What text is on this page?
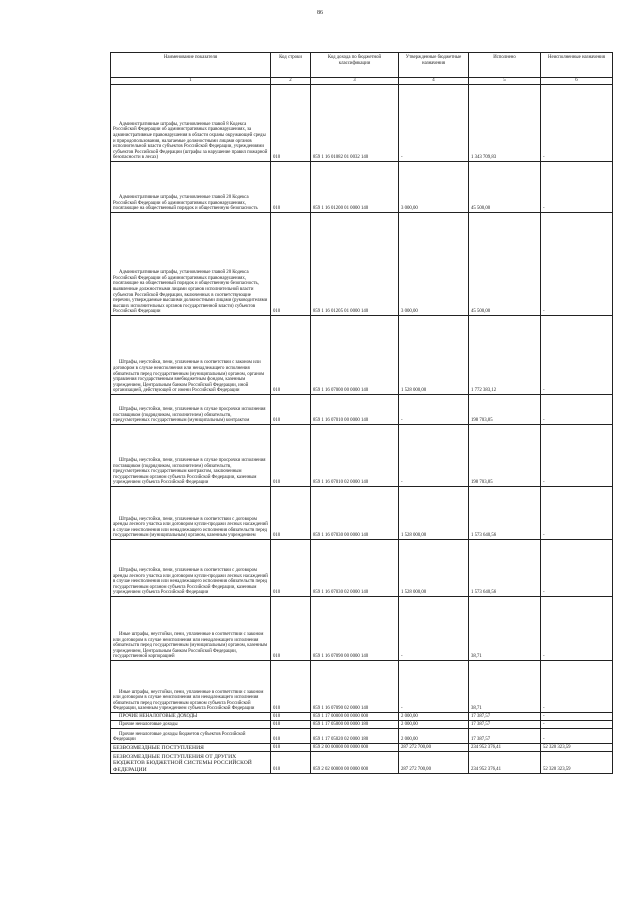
86
Наименование показателя	Код строки	Код дохода по бюджетной классификации	Утвержденные бюджетные назначения	Исполнено	Неисполненные назначения
1	2	3	4	5	6
Административные штрафы, установленные главой 8 Кодекса Российской Федерации об административных правонарушениях, за административные правонарушения в области охраны окружающей среды и природопользования, налагаемые должностными лицами органов исполнительной власти субъектов Российской Федерации, учреждениями субъектов Российской Федерации (штрафы за нарушение правил пожарной безопасности в лесах)	010	859 1 16 01082 01 0032 140	-	1 343 709,83	-
Административные штрафы, установленные главой 20 Кодекса Российской Федерации об административных правонарушениях, посягающие на общественный порядок и общественную безопасность	010	859 1 16 01200 01 0000 140	3 000,00	45 500,00	-
Административные штрафы, установленные главой 20 Кодекса Российской Федерации об административных правонарушениях, посягающие на общественный порядок и общественную безопасность, выявленные должностными лицами органов исполнительной власти субъектов Российской Федерации, включенных в соответствующие перечни, утверждаемые высшими должностными лицами (руководителями высших исполнительных органов государственной власти) субъектов Российской Федерации	010	859 1 16 01205 01 0000 140	3 000,00	45 500,00	-
Штрафы, неустойки, пени, уплаченные в соответствии с законом или договором в случае неисполнения или ненадлежащего исполнения обязательств перед государственным (муниципальным) органом, органом управления государственным внебюджетным фондом, казенным учреждением, Центральным банком Российской Федерации, иной организацией, действующей от имени Российской Федерации	010	859 1 16 07000 00 0000 140	1 528 000,00	1 772 383,12	-
Штрафы, неустойки, пени, уплаченные в случае просрочки исполнения поставщиком (подрядчиком, исполнителем) обязательств, предусмотренных государственным (муниципальным) контрактом	010	859 1 16 07010 00 0000 140	-	198 703,85	-
Штрафы, неустойки, пени, уплаченные в случае просрочки исполнения поставщиком (подрядчиком, исполнителем) обязательств, предусмотренных государственным контрактом, заключенным государственным органом субъекта Российской Федерации, казенным учреждением субъекта Российской Федерации	010	859 1 16 07010 02 0000 140	-	198 703,85	-
Штрафы, неустойки, пени, уплаченные в соответствии с договором аренды лесного участка или договором купли-продажи лесных насаждений в случае неисполнения или ненадлежащего исполнения обязательств перед государственным (муниципальным) органом, казенным учреждением	010	859 1 16 07030 00 0000 140	1 528 000,00	1 573 640,56	-
Штрафы, неустойки, пени, уплаченные в соответствии с договором аренды лесного участка или договором купли-продажи лесных насаждений в случае неисполнения или ненадлежащего исполнения обязательств перед государственным органом субъекта Российской Федерации, казенным учреждением субъекта Российской Федерации	010	859 1 16 07030 02 0000 140	1 528 000,00	1 573 640,56	-
Иные штрафы, неустойки, пени, уплаченные в соответствии с законом или договором в случае неисполнения или ненадлежащего исполнения обязательств перед государственным (муниципальным) органом, казенным учреждением, Центральным банком Российской Федерации, государственной корпорацией	010	859 1 16 07090 00 0000 140	-	38,71	-
Иные штрафы, неустойки, пени, уплаченные в соответствии с законом или договором в случае неисполнения или ненадлежащего исполнения обязательств перед государственным органом субъекта Российской Федерации, казенным учреждением субъекта Российской Федерации	010	859 1 16 07090 02 0000 140	-	38,71	-
ПРОЧИЕ НЕНАЛОГОВЫЕ ДОХОДЫ	010	859 1 17 00000 00 0000 000	2 000,00	17 387,57	-
Прочие неналоговые доходы	010	859 1 17 05000 00 0000 180	2 000,00	17 387,57	-
Прочие неналоговые доходы бюджетов субъектов Российской Федерации	010	859 1 17 05020 02 0000 180	2 000,00	17 387,57	-
БЕЗВОЗМЕЗДНЫЕ ПОСТУПЛЕНИЯ	010	859 2 00 00000 00 0000 000	287 272 700,00	234 952 376,41	52 320 323,59
БЕЗВОЗМЕЗДНЫЕ ПОСТУПЛЕНИЯ ОТ ДРУГИХ БЮДЖЕТОВ БЮДЖЕТНОЙ СИСТЕМЫ РОССИЙСКОЙ ФЕДЕРАЦИИ	010	859 2 02 00000 00 0000 000	287 272 700,00	234 952 376,41	52 320 323,59
